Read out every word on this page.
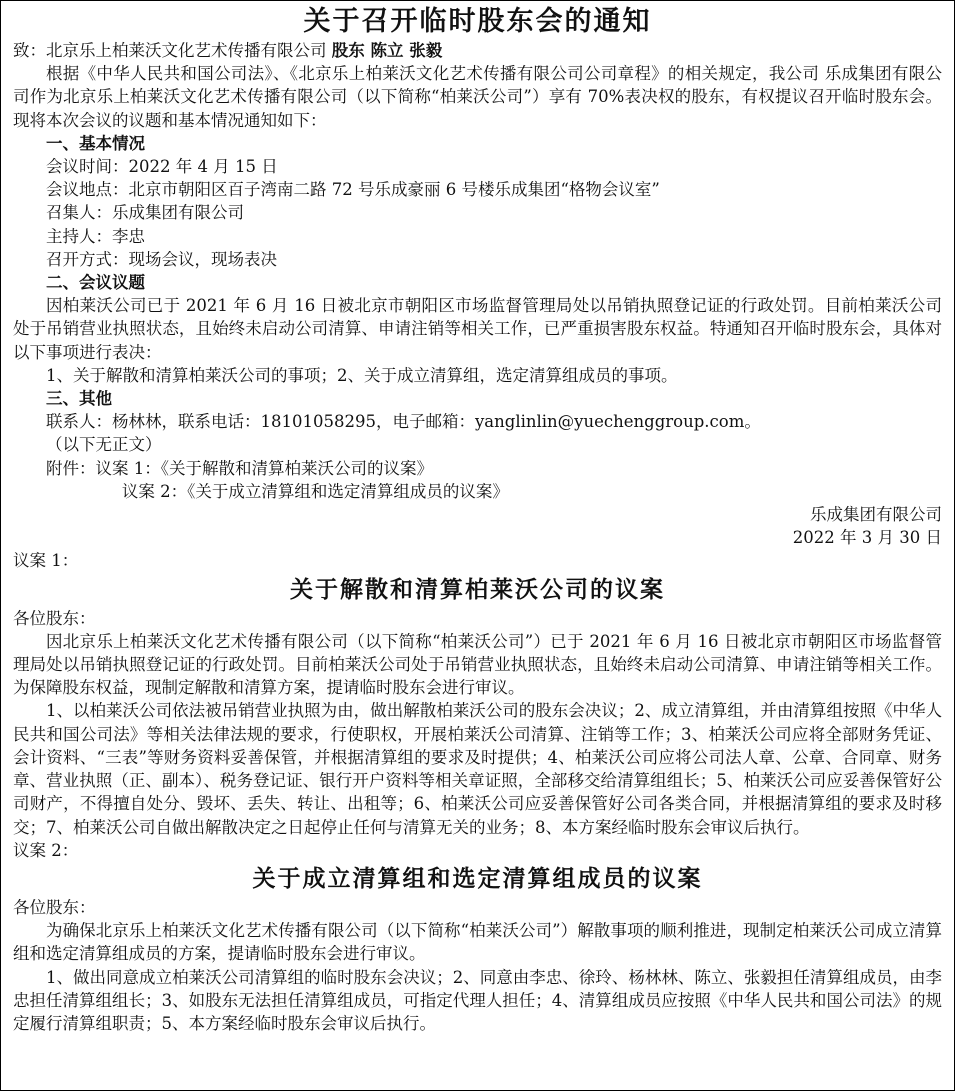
关于召开临时股东会的通知

致：北京乐上柏莱沃文化艺术传播有限公司 股东 陈立 张毅

根据《中华人民共和国公司法》、《北京乐上柏莱沃文化艺术传播有限公司公司章程》的相关规定，我公司 乐成集团有限公司作为北京乐上柏莱沃文化艺术传播有限公司（以下简称“柏莱沃公司”）享有 70%表决权的股东，有权提议召开临时股东会。现将本次会议的议题和基本情况通知如下：

一、基本情况

会议时间：2022 年 4 月 15 日

会议地点：北京市朝阳区百子湾南二路 72 号乐成豪丽 6 号楼乐成集团“格物会议室”

召集人：乐成集团有限公司

主持人：李忠

召开方式：现场会议，现场表决

二、会议议题

因柏莱沃公司已于 2021 年 6 月 16 日被北京市朝阳区市场监督管理局处以吊销执照登记证的行政处罚。目前柏莱沃公司处于吊销营业执照状态，且始终未启动公司清算、申请注销等相关工作，已严重损害股东权益。特通知召开临时股东会，具体对以下事项进行表决：

1、关于解散和清算柏莱沃公司的事项；2、关于成立清算组，选定清算组成员的事项。

三、其他

联系人：杨林林，联系电话：18101058295，电子邮箱：yanglinlin@yuechenggroup.com。

（以下无正文）

附件：议案 1：《关于解散和清算柏莱沃公司的议案》

议案 2：《关于成立清算组和选定清算组成员的议案》

乐成集团有限公司

2022 年 3 月 30 日

议案 1：

关于解散和清算柏莱沃公司的议案

各位股东：

因北京乐上柏莱沃文化艺术传播有限公司（以下简称“柏莱沃公司”）已于 2021 年 6 月 16 日被北京市朝阳区市场监督管理局处以吊销执照登记证的行政处罚。目前柏莱沃公司处于吊销营业执照状态，且始终未启动公司清算、申请注销等相关工作。为保障股东权益，现制定解散和清算方案，提请临时股东会进行审议。

1、以柏莱沃公司依法被吊销营业执照为由，做出解散柏莱沃公司的股东会决议；2、成立清算组，并由清算组按照《中华人民共和国公司法》等相关法律法规的要求，行使职权，开展柏莱沃公司清算、注销等工作；3、柏莱沃公司应将全部财务凭证、会计资料、“三表”等财务资料妥善保管，并根据清算组的要求及时提供；4、柏莱沃公司应将公司法人章、公章、合同章、财务章、营业执照（正、副本）、税务登记证、银行开户资料等相关章证照，全部移交给清算组组长；5、柏莱沃公司应妥善保管好公司财产，不得擅自处分、毁坏、丢失、转让、出租等；6、柏莱沃公司应妥善保管好公司各类合同，并根据清算组的要求及时移交；7、柏莱沃公司自做出解散决定之日起停止任何与清算无关的业务；8、本方案经临时股东会审议后执行。

议案 2：

关于成立清算组和选定清算组成员的议案

各位股东：

为确保北京乐上柏莱沃文化艺术传播有限公司（以下简称“柏莱沃公司”）解散事项的顺利推进，现制定柏莱沃公司成立清算组和选定清算组成员的方案，提请临时股东会进行审议。

1、做出同意成立柏莱沃公司清算组的临时股东会决议；2、同意由李忠、徐玲、杨林林、陈立、张毅担任清算组成员，由李忠担任清算组组长；3、如股东无法担任清算组成员，可指定代理人担任；4、清算组成员应按照《中华人民共和国公司法》的规定履行清算组职责；5、本方案经临时股东会审议后执行。
